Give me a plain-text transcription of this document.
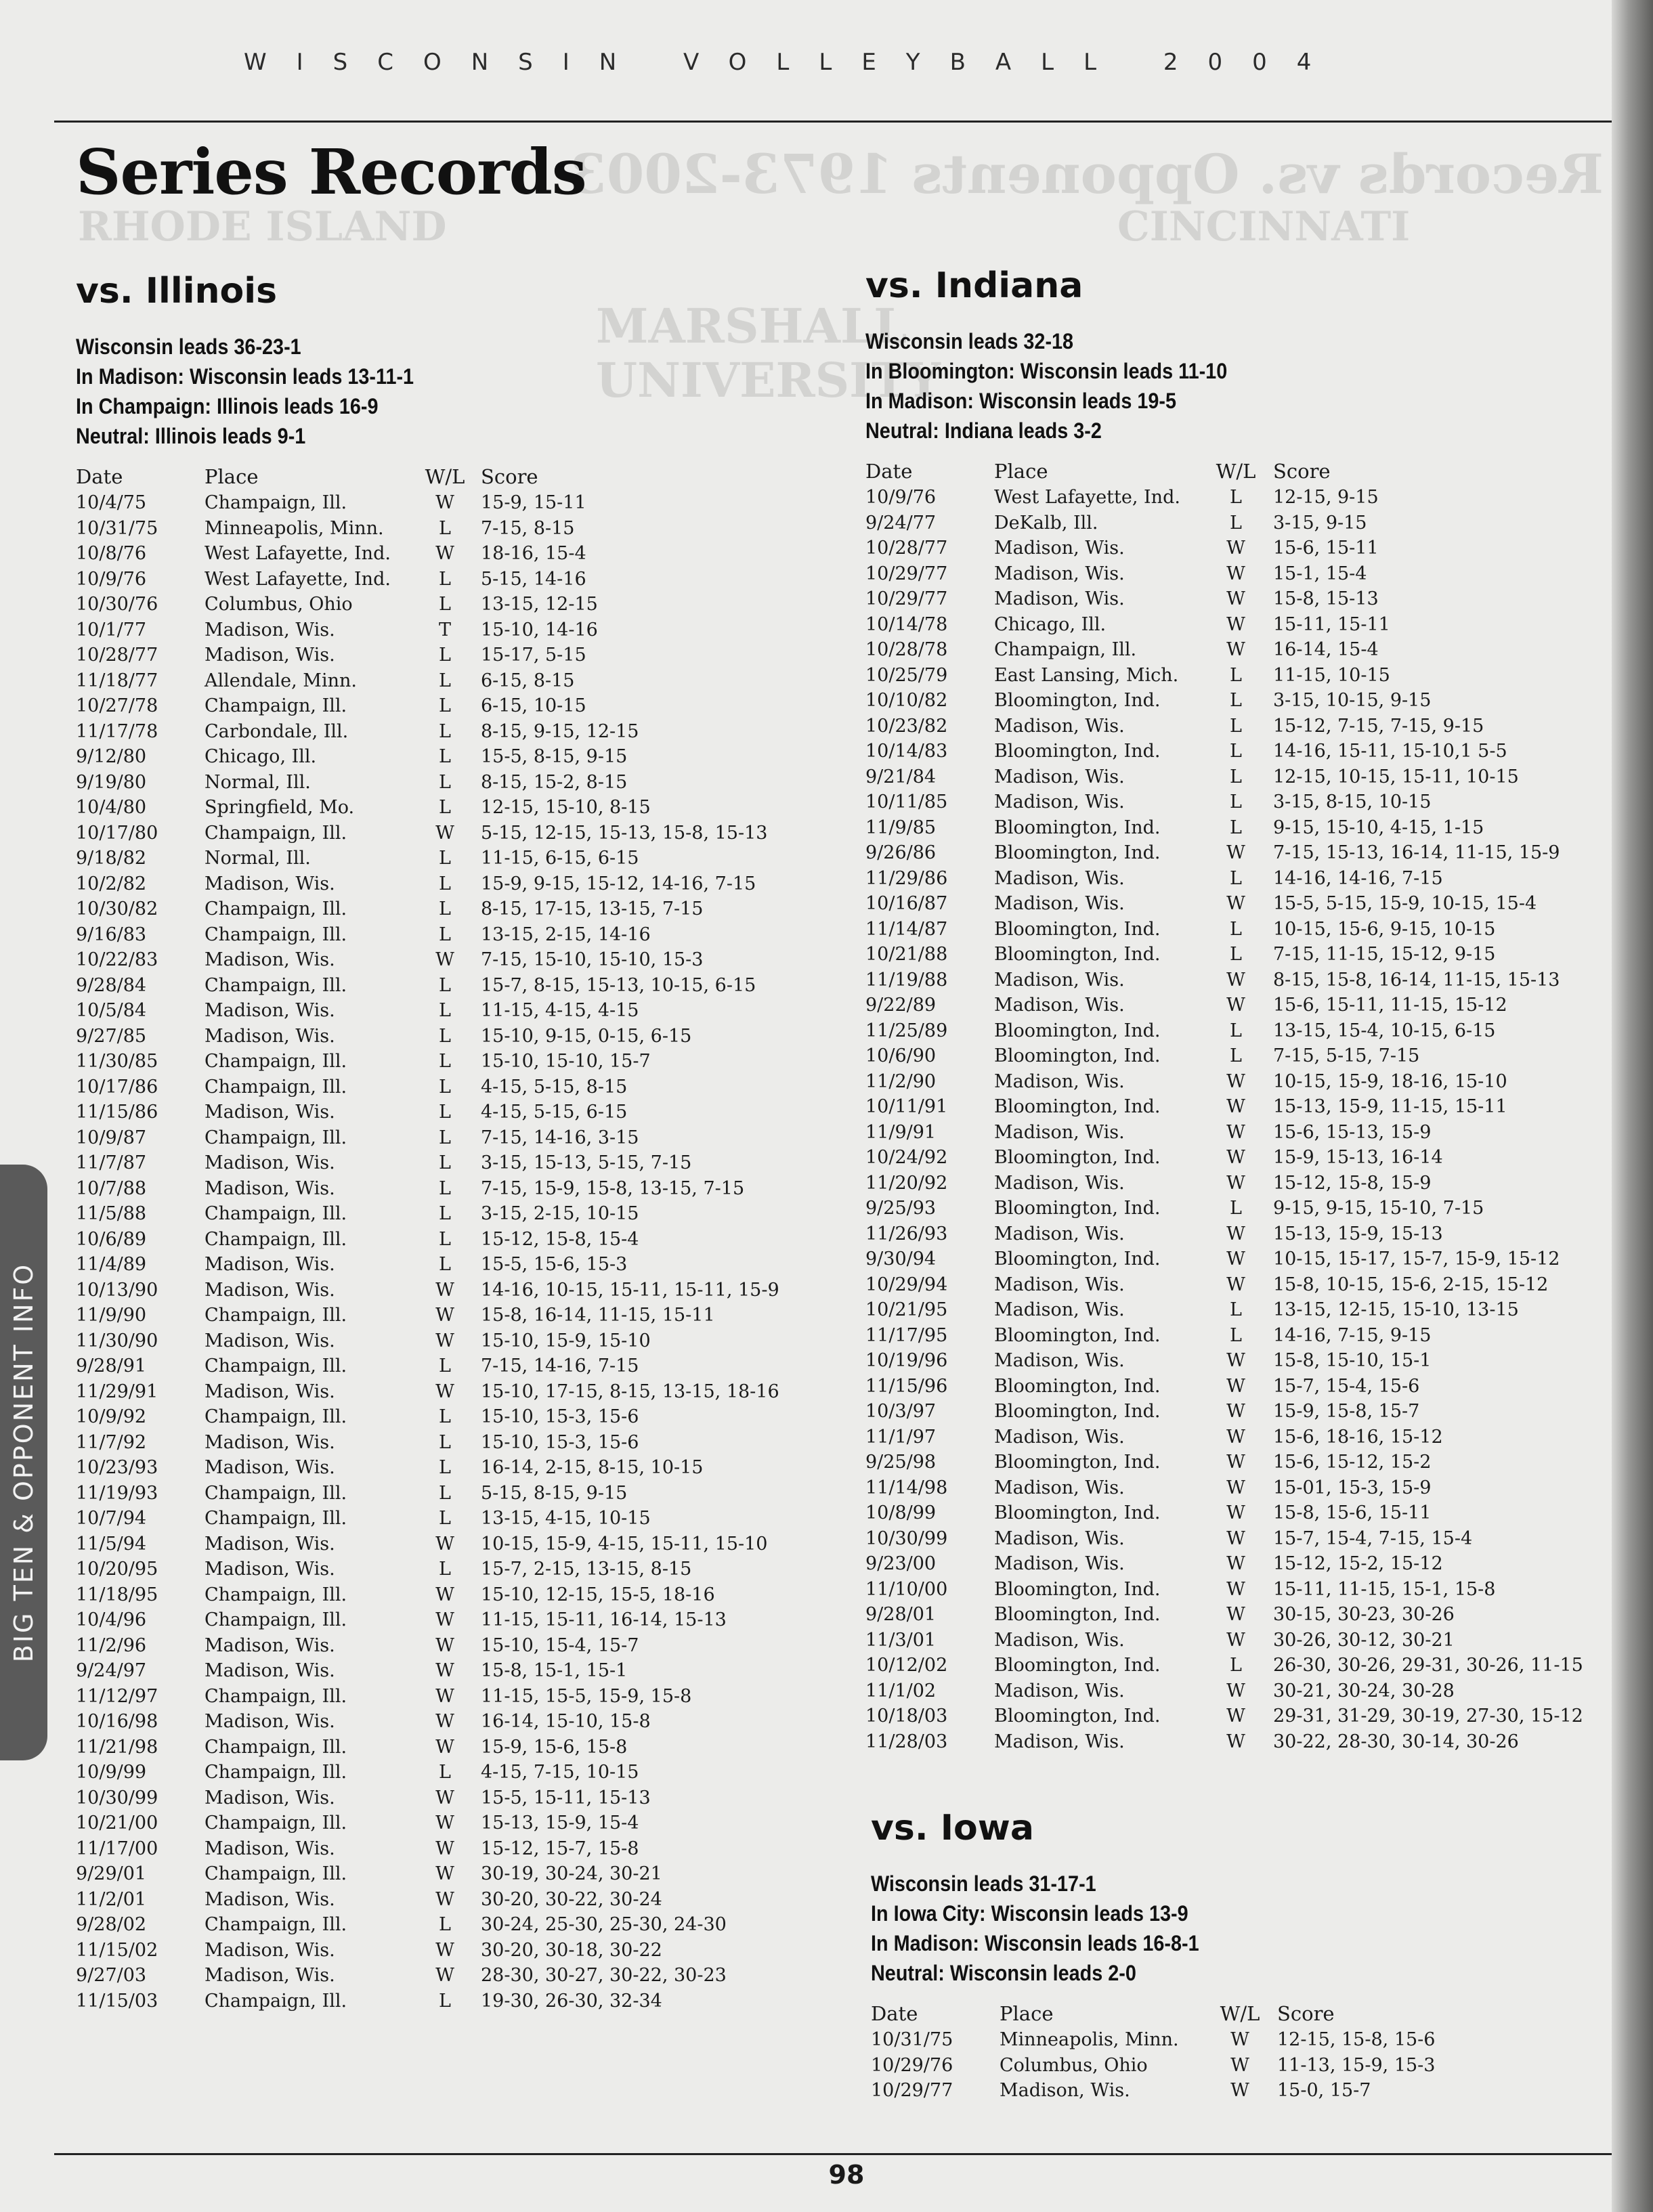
Records vs. Opponents 1973-2003
RHODE ISLAND	CINCINNATI
MARSHALL
UNIVERSITY
WISCONSIN VOLLEYBALL 2004
Series Records
vs. Illinois
Wisconsin leads 36-23-1
In Madison: Wisconsin leads 13-11-1
In Champaign: Illinois leads 16-9
Neutral: Illinois leads 9-1
Date	Place	W/L Score
10/4/75	Champaign, Ill.	W	15-9, 15-11
10/31/75	Minneapolis, Minn.	L	7-15, 8-15
10/8/76	West Lafayette, Ind.	W	18-16, 15-4
10/9/76	West Lafayette, Ind.	L	5-15, 14-16
10/30/76	Columbus, Ohio	L	13-15, 12-15
10/1/77	Madison, Wis.	T	15-10, 14-16
10/28/77	Madison, Wis.	L	15-17, 5-15
11/18/77	Allendale, Minn.	L	6-15, 8-15
10/27/78	Champaign, Ill.	L	6-15, 10-15
11/17/78	Carbondale, Ill.	L	8-15, 9-15, 12-15
9/12/80	Chicago, Ill.	L	15-5, 8-15, 9-15
9/19/80	Normal, Ill.	L	8-15, 15-2, 8-15
10/4/80	Springfield, Mo.	L	12-15, 15-10, 8-15
10/17/80	Champaign, Ill.	W	5-15, 12-15, 15-13, 15-8, 15-13
9/18/82	Normal, Ill.	L	11-15, 6-15, 6-15
10/2/82	Madison, Wis.	L	15-9, 9-15, 15-12, 14-16, 7-15
10/30/82	Champaign, Ill.	L	8-15, 17-15, 13-15, 7-15
9/16/83	Champaign, Ill.	L	13-15, 2-15, 14-16
10/22/83	Madison, Wis.	W	7-15, 15-10, 15-10, 15-3
9/28/84	Champaign, Ill.	L	15-7, 8-15, 15-13, 10-15, 6-15
10/5/84	Madison, Wis.	L	11-15, 4-15, 4-15
9/27/85	Madison, Wis.	L	15-10, 9-15, 0-15, 6-15
11/30/85	Champaign, Ill.	L	15-10, 15-10, 15-7
10/17/86	Champaign, Ill.	L	4-15, 5-15, 8-15
11/15/86	Madison, Wis.	L	4-15, 5-15, 6-15
10/9/87	Champaign, Ill.	L	7-15, 14-16, 3-15
11/7/87	Madison, Wis.	L	3-15, 15-13, 5-15, 7-15
10/7/88	Madison, Wis.	L	7-15, 15-9, 15-8, 13-15, 7-15
11/5/88	Champaign, Ill.	L	3-15, 2-15, 10-15
10/6/89	Champaign, Ill.	L	15-12, 15-8, 15-4
11/4/89	Madison, Wis.	L	15-5, 15-6, 15-3
10/13/90	Madison, Wis.	W	14-16, 10-15, 15-11, 15-11, 15-9
11/9/90	Champaign, Ill.	W	15-8, 16-14, 11-15, 15-11
11/30/90	Madison, Wis.	W	15-10, 15-9, 15-10
9/28/91	Champaign, Ill.	L	7-15, 14-16, 7-15
11/29/91	Madison, Wis.	W	15-10, 17-15, 8-15, 13-15, 18-16
10/9/92	Champaign, Ill.	L	15-10, 15-3, 15-6
11/7/92	Madison, Wis.	L	15-10, 15-3, 15-6
10/23/93	Madison, Wis.	L	16-14, 2-15, 8-15, 10-15
11/19/93	Champaign, Ill.	L	5-15, 8-15, 9-15
10/7/94	Champaign, Ill.	L	13-15, 4-15, 10-15
11/5/94	Madison, Wis.	W	10-15, 15-9, 4-15, 15-11, 15-10
10/20/95	Madison, Wis.	L	15-7, 2-15, 13-15, 8-15
11/18/95	Champaign, Ill.	W	15-10, 12-15, 15-5, 18-16
10/4/96	Champaign, Ill.	W	11-15, 15-11, 16-14, 15-13
11/2/96	Madison, Wis.	W	15-10, 15-4, 15-7
9/24/97	Madison, Wis.	W	15-8, 15-1, 15-1
11/12/97	Champaign, Ill.	W	11-15, 15-5, 15-9, 15-8
10/16/98	Madison, Wis.	W	16-14, 15-10, 15-8
11/21/98	Champaign, Ill.	W	15-9, 15-6, 15-8
10/9/99	Champaign, Ill.	L	4-15, 7-15, 10-15
10/30/99	Madison, Wis.	W	15-5, 15-11, 15-13
10/21/00	Champaign, Ill.	W	15-13, 15-9, 15-4
11/17/00	Madison, Wis.	W	15-12, 15-7, 15-8
9/29/01	Champaign, Ill.	W	30-19, 30-24, 30-21
11/2/01	Madison, Wis.	W	30-20, 30-22, 30-24
9/28/02	Champaign, Ill.	L	30-24, 25-30, 25-30, 24-30
11/15/02	Madison, Wis.	W	30-20, 30-18, 30-22
9/27/03	Madison, Wis.	W	28-30, 30-27, 30-22, 30-23
11/15/03	Champaign, Ill.	L	19-30, 26-30, 32-34
vs. Indiana
Wisconsin leads 32-18
In Bloomington: Wisconsin leads 11-10
In Madison: Wisconsin leads 19-5
Neutral: Indiana leads 3-2
Date	Place	W/L Score
10/9/76	West Lafayette, Ind.	L	12-15, 9-15
9/24/77	DeKalb, Ill.	L	3-15, 9-15
10/28/77	Madison, Wis.	W	15-6, 15-11
10/29/77	Madison, Wis.	W	15-1, 15-4
10/29/77	Madison, Wis.	W	15-8, 15-13
10/14/78	Chicago, Ill.	W	15-11, 15-11
10/28/78	Champaign, Ill.	W	16-14, 15-4
10/25/79	East Lansing, Mich.	L	11-15, 10-15
10/10/82	Bloomington, Ind.	L	3-15, 10-15, 9-15
10/23/82	Madison, Wis.	L	15-12, 7-15, 7-15, 9-15
10/14/83	Bloomington, Ind.	L	14-16, 15-11, 15-10,1 5-5
9/21/84	Madison, Wis.	L	12-15, 10-15, 15-11, 10-15
10/11/85	Madison, Wis.	L	3-15, 8-15, 10-15
11/9/85	Bloomington, Ind.	L	9-15, 15-10, 4-15, 1-15
9/26/86	Bloomington, Ind.	W	7-15, 15-13, 16-14, 11-15, 15-9
11/29/86	Madison, Wis.	L	14-16, 14-16, 7-15
10/16/87	Madison, Wis.	W	15-5, 5-15, 15-9, 10-15, 15-4
11/14/87	Bloomington, Ind.	L	10-15, 15-6, 9-15, 10-15
10/21/88	Bloomington, Ind.	L	7-15, 11-15, 15-12, 9-15
11/19/88	Madison, Wis.	W	8-15, 15-8, 16-14, 11-15, 15-13
9/22/89	Madison, Wis.	W	15-6, 15-11, 11-15, 15-12
11/25/89	Bloomington, Ind.	L	13-15, 15-4, 10-15, 6-15
10/6/90	Bloomington, Ind.	L	7-15, 5-15, 7-15
11/2/90	Madison, Wis.	W	10-15, 15-9, 18-16, 15-10
10/11/91	Bloomington, Ind.	W	15-13, 15-9, 11-15, 15-11
11/9/91	Madison, Wis.	W	15-6, 15-13, 15-9
10/24/92	Bloomington, Ind.	W	15-9, 15-13, 16-14
11/20/92	Madison, Wis.	W	15-12, 15-8, 15-9
9/25/93	Bloomington, Ind.	L	9-15, 9-15, 15-10, 7-15
11/26/93	Madison, Wis.	W	15-13, 15-9, 15-13
9/30/94	Bloomington, Ind.	W	10-15, 15-17, 15-7, 15-9, 15-12
10/29/94	Madison, Wis.	W	15-8, 10-15, 15-6, 2-15, 15-12
10/21/95	Madison, Wis.	L	13-15, 12-15, 15-10, 13-15
11/17/95	Bloomington, Ind.	L	14-16, 7-15, 9-15
10/19/96	Madison, Wis.	W	15-8, 15-10, 15-1
11/15/96	Bloomington, Ind.	W	15-7, 15-4, 15-6
10/3/97	Bloomington, Ind.	W	15-9, 15-8, 15-7
11/1/97	Madison, Wis.	W	15-6, 18-16, 15-12
9/25/98	Bloomington, Ind.	W	15-6, 15-12, 15-2
11/14/98	Madison, Wis.	W	15-01, 15-3, 15-9
10/8/99	Bloomington, Ind.	W	15-8, 15-6, 15-11
10/30/99	Madison, Wis.	W	15-7, 15-4, 7-15, 15-4
9/23/00	Madison, Wis.	W	15-12, 15-2, 15-12
11/10/00	Bloomington, Ind.	W	15-11, 11-15, 15-1, 15-8
9/28/01	Bloomington, Ind.	W	30-15, 30-23, 30-26
11/3/01	Madison, Wis.	W	30-26, 30-12, 30-21
10/12/02	Bloomington, Ind.	L	26-30, 30-26, 29-31, 30-26, 11-15
11/1/02	Madison, Wis.	W	30-21, 30-24, 30-28
10/18/03	Bloomington, Ind.	W	29-31, 31-29, 30-19, 27-30, 15-12
11/28/03	Madison, Wis.	W	30-22, 28-30, 30-14, 30-26
vs. Iowa
Wisconsin leads 31-17-1
In Iowa City: Wisconsin leads 13-9
In Madison: Wisconsin leads 16-8-1
Neutral: Wisconsin leads 2-0
Date	Place	W/L Score
10/31/75	Minneapolis, Minn.	W	12-15, 15-8, 15-6
10/29/76	Columbus, Ohio	W	11-13, 15-9, 15-3
10/29/77	Madison, Wis.	W	15-0, 15-7
BIG TEN & OPPONENT INFO
98
